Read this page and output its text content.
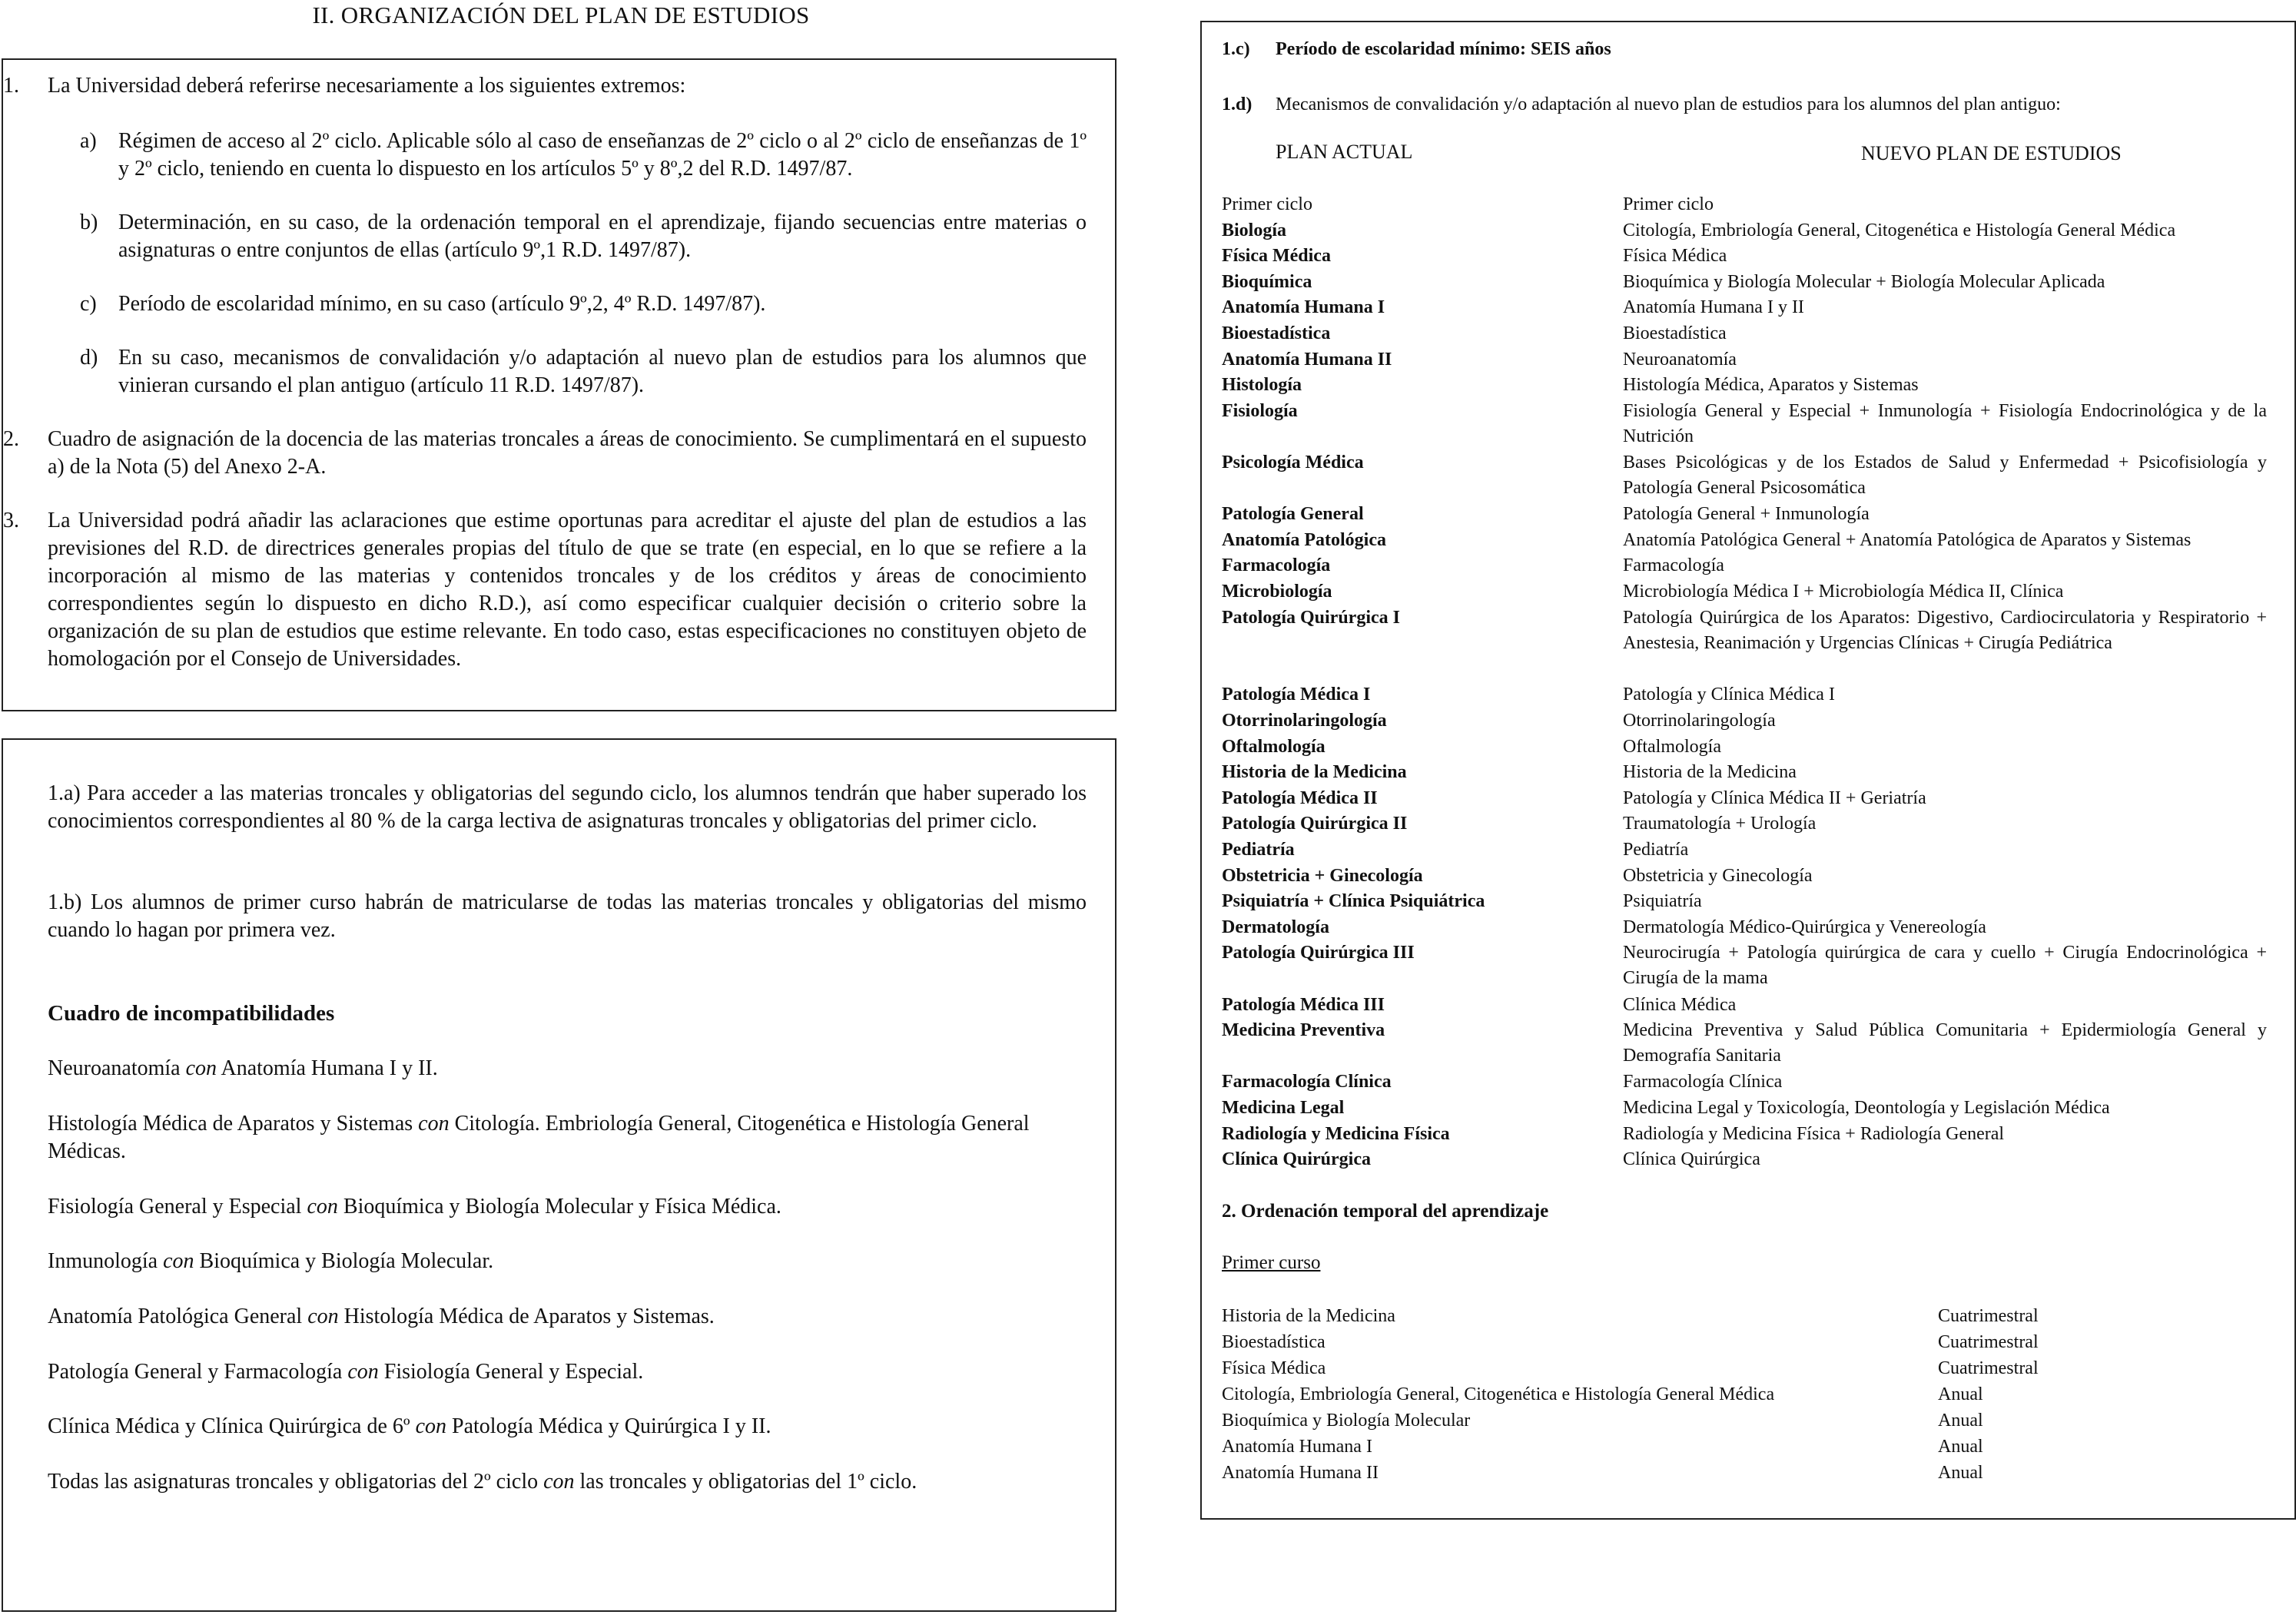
II. ORGANIZACIÓN DEL PLAN DE ESTUDIOS
1. La Universidad deberá referirse necesariamente a los siguientes extremos:
a) Régimen de acceso al 2º ciclo. Aplicable sólo al caso de enseñanzas de 2º ciclo o al 2º ciclo de enseñanzas de 1º y 2º ciclo, teniendo en cuenta lo dispuesto en los artículos 5º y 8º,2 del R.D. 1497/87.
b) Determinación, en su caso, de la ordenación temporal en el aprendizaje, fijando secuencias entre materias o asignaturas o entre conjuntos de ellas (artículo 9º,1 R.D. 1497/87).
c) Período de escolaridad mínimo, en su caso (artículo 9º,2, 4º R.D. 1497/87).
d) En su caso, mecanismos de convalidación y/o adaptación al nuevo plan de estudios para los alumnos que vinieran cursando el plan antiguo (artículo 11 R.D. 1497/87).
2. Cuadro de asignación de la docencia de las materias troncales a áreas de conocimiento. Se cumplimentará en el supuesto a) de la Nota (5) del Anexo 2-A.
3. La Universidad podrá añadir las aclaraciones que estime oportunas para acreditar el ajuste del plan de estudios a las previsiones del R.D. de directrices generales propias del título de que se trate (en especial, en lo que se refiere a la incorporación al mismo de las materias y contenidos troncales y de los créditos y áreas de conocimiento correspondientes según lo dispuesto en dicho R.D.), así como especificar cualquier decisión o criterio sobre la organización de su plan de estudios que estime relevante. En todo caso, estas especificaciones no constituyen objeto de homologación por el Consejo de Universidades.
1.a) Para acceder a las materias troncales y obligatorias del segundo ciclo, los alumnos tendrán que haber superado los conocimientos correspondientes al 80 % de la carga lectiva de asignaturas troncales y obligatorias del primer ciclo.
1.b) Los alumnos de primer curso habrán de matricularse de todas las materias troncales y obligatorias del mismo cuando lo hagan por primera vez.
Cuadro de incompatibilidades
Neuroanatomía con Anatomía Humana I y II.
Histología Médica de Aparatos y Sistemas con Citología. Embriología General, Citogenética e Histología General Médicas.
Fisiología General y Especial con Bioquímica y Biología Molecular y Física Médica.
Inmunología con Bioquímica y Biología Molecular.
Anatomía Patológica General con Histología Médica de Aparatos y Sistemas.
Patología General y Farmacología con Fisiología General y Especial.
Clínica Médica y Clínica Quirúrgica de 6º con Patología Médica y Quirúrgica I y II.
Todas las asignaturas troncales y obligatorias del 2º ciclo con las troncales y obligatorias del 1º ciclo.
1.c) Período de escolaridad mínimo: SEIS años
1.d) Mecanismos de convalidación y/o adaptación al nuevo plan de estudios para los alumnos del plan antiguo:
PLAN ACTUAL	NUEVO PLAN DE ESTUDIOS
Primer ciclo	Primer ciclo
Biología	Citología, Embriología General, Citogenética e Histología General Médica
Física Médica	Física Médica
Bioquímica	Bioquímica y Biología Molecular + Biología Molecular Aplicada
Anatomía Humana I	Anatomía Humana I y II
Bioestadística	Bioestadística
Anatomía Humana II	Neuroanatomía
Histología	Histología Médica, Aparatos y Sistemas
Fisiología	Fisiología General y Especial + Inmunología + Fisiología Endocrinológica y de la Nutrición
Psicología Médica	Bases Psicológicas y de los Estados de Salud y Enfermedad + Psicofisiología y Patología General Psicosomática
Patología General	Patología General + Inmunología
Anatomía Patológica	Anatomía Patológica General + Anatomía Patológica de Aparatos y Sistemas
Farmacología	Farmacología
Microbiología	Microbiología Médica I + Microbiología Médica II, Clínica
Patología Quirúrgica I	Patología Quirúrgica de los Aparatos: Digestivo, Cardiocirculatoria y Respiratorio + Anestesia, Reanimación y Urgencias Clínicas + Cirugía Pediátrica
Patología Médica I	Patología y Clínica Médica I
Otorrinolaringología	Otorrinolaringología
Oftalmología	Oftalmología
Historia de la Medicina	Historia de la Medicina
Patología Médica II	Patología y Clínica Médica II + Geriatría
Patología Quirúrgica II	Traumatología + Urología
Pediatría	Pediatría
Obstetricia + Ginecología	Obstetricia y Ginecología
Psiquiatría + Clínica Psiquiátrica	Psiquiatría
Dermatología	Dermatología Médico-Quirúrgica y Venereología
Patología Quirúrgica III	Neurocirugía + Patología quirúrgica de cara y cuello + Cirugía Endocrinológica + Cirugía de la mama
Patología Médica III	Clínica Médica
Medicina Preventiva	Medicina Preventiva y Salud Pública Comunitaria + Epidermiología General y Demografía Sanitaria
Farmacología Clínica	Farmacología Clínica
Medicina Legal	Medicina Legal y Toxicología, Deontología y Legislación Médica
Radiología y Medicina Física	Radiología y Medicina Física + Radiología General
Clínica Quirúrgica	Clínica Quirúrgica
2. Ordenación temporal del aprendizaje
Primer curso
Historia de la Medicina	Cuatrimestral
Bioestadística	Cuatrimestral
Física Médica	Cuatrimestral
Citología, Embriología General, Citogenética e Histología General Médica	Anual
Bioquímica y Biología Molecular	Anual
Anatomía Humana I	Anual
Anatomía Humana II	Anual
